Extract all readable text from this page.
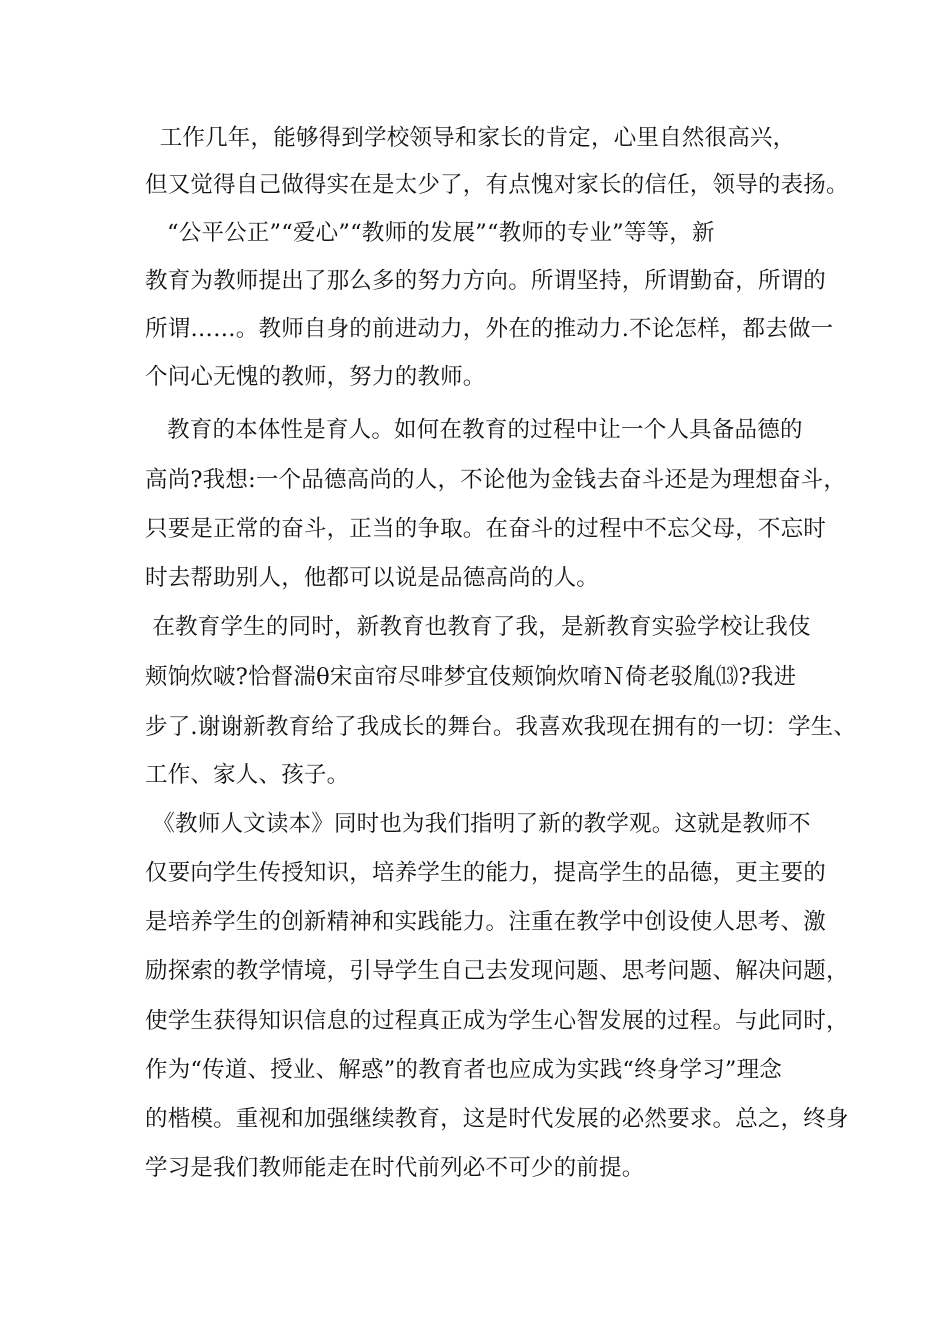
工作几年，能够得到学校领导和家长的肯定，心里自然很高兴，
但又觉得自己做得实在是太少了，有点愧对家长的信任，领导的表扬。
“公平公正”“爱心”“教师的发展”“教师的专业”等等，新
教育为教师提出了那么多的努力方向。所谓坚持，所谓勤奋，所谓的
所谓……。教师自身的前进动力，外在的推动力.不论怎样，都去做一
个问心无愧的教师，努力的教师。
教育的本体性是育人。如何在教育的过程中让一个人具备品德的
高尚?我想:一个品德高尚的人，不论他为金钱去奋斗还是为理想奋斗，
只要是正常的奋斗，正当的争取。在奋斗的过程中不忘父母，不忘时
时去帮助别人，他都可以说是品德高尚的人。
在教育学生的同时，新教育也教育了我，是新教育实验学校让我伎
颊饷炊啵?恰督湍θ宋亩帘尽啡梦宜伎颊饷炊唷Ｎ倚老驳胤⒀?我进
步了.谢谢新教育给了我成长的舞台。我喜欢我现在拥有的一切：学生、
工作、家人、孩子。
《教师人文读本》同时也为我们指明了新的教学观。这就是教师不
仅要向学生传授知识，培养学生的能力，提高学生的品德，更主要的
是培养学生的创新精神和实践能力。注重在教学中创设使人思考、激
励探索的教学情境，引导学生自己去发现问题、思考问题、解决问题，
使学生获得知识信息的过程真正成为学生心智发展的过程。与此同时，
作为“传道、授业、解惑”的教育者也应成为实践“终身学习”理念
的楷模。重视和加强继续教育，这是时代发展的必然要求。总之，终身
学习是我们教师能走在时代前列必不可少的前提。
